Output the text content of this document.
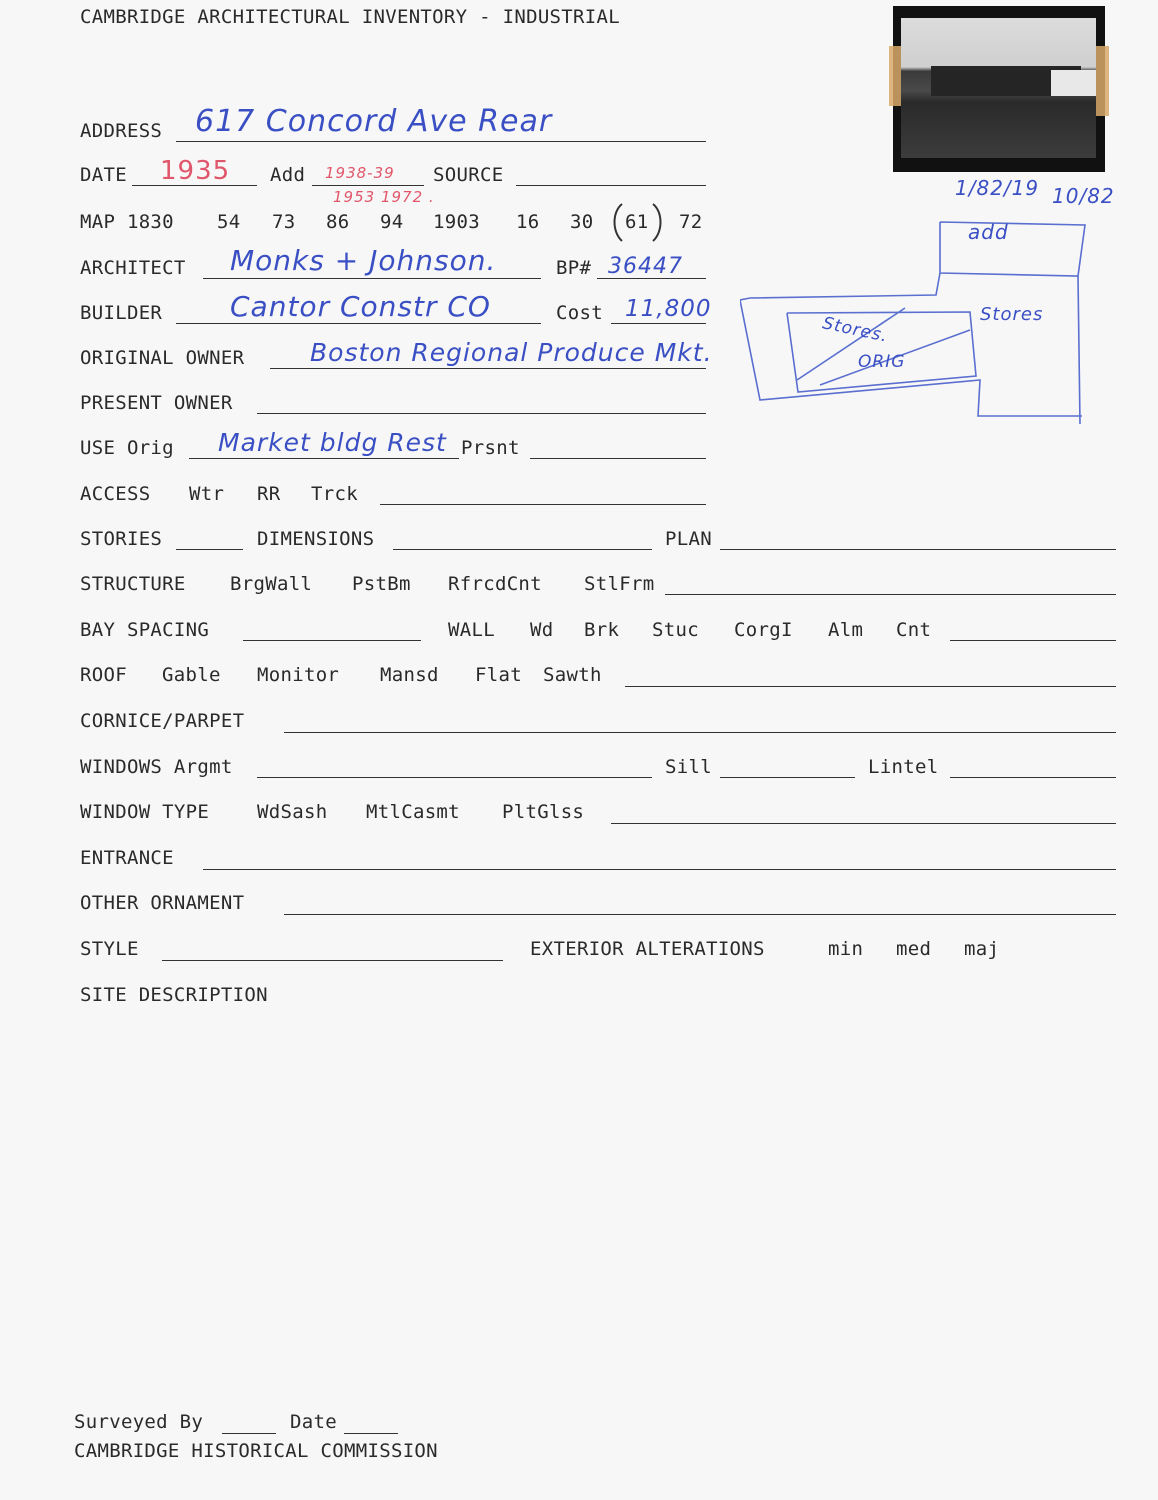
CAMBRIDGE ARCHITECTURAL INVENTORY - INDUSTRIAL
1/82/19 10/82
add
Stores
Stores.
ORIG
ADDRESS 617 Concord Ave Rear
DATE 1935 Add 1938-39
1953 1972 .
SOURCE
MAP 1830 54 73 86 94 1903 16 30 61 72
ARCHITECT Monks + Johnson.	BP# 36447
BUILDER Cantor Constr CO	Cost 11,800
ORIGINAL OWNER	Boston Regional Produce Mkt.
PRESENT OWNER
USE Orig Market bldg Rest Prsnt
ACCESS Wtr RR Trck
STORIES	DIMENSIONS	PLAN
STRUCTURE BrgWall PstBm RfrcdCnt StlFrm
BAY SPACING	WALL Wd Brk Stuc CorgI Alm Cnt
ROOF Gable Monitor Mansd Flat Sawth
CORNICE/PARPET
WINDOWS Argmt	Sill	Lintel
WINDOW TYPE	WdSash MtlCasmt PltGlss
ENTRANCE
OTHER ORNAMENT
STYLE	EXTERIOR ALTERATIONS	min med maj
SITE DESCRIPTION
Surveyed By	Date
CAMBRIDGE HISTORICAL COMMISSION
